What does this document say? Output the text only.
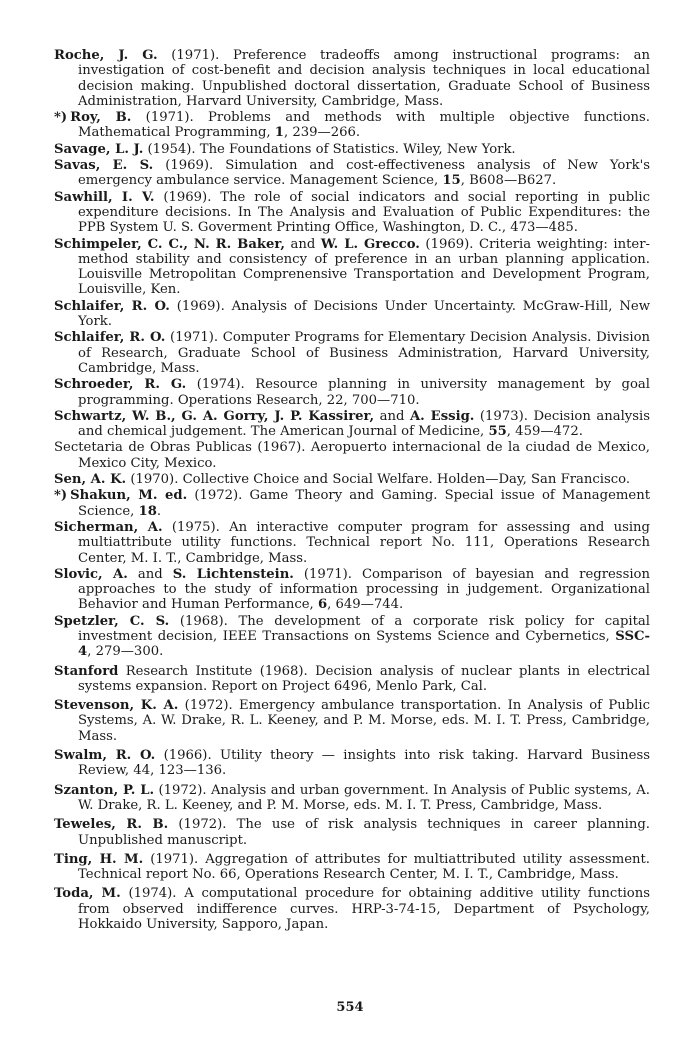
Roche, J. G. (1971). Preference tradeoffs among instructional programs: an investigation of cost-benefit and decision analysis techniques in local educational decision making. Unpublished doctoral dissertation, Graduate School of Business Administration, Harvard University, Cambridge, Mass.

*) Roy, B. (1971). Problems and methods with multiple objective functions. Mathematical Programming, 1, 239—266.

Savage, L. J. (1954). The Foundations of Statistics. Wiley, New York.

Savas, E. S. (1969). Simulation and cost-effectiveness analysis of New York's emergency ambulance service. Management Science, 15, B608—B627.

Sawhill, I. V. (1969). The role of social indicators and social reporting in public expenditure decisions. In The Analysis and Evaluation of Public Expenditures: the PPB System U. S. Goverment Printing Office, Washington, D. C., 473—485.

Schimpeler, C. C., N. R. Baker, and W. L. Grecco. (1969). Criteria weighting: inter-method stability and consistency of preference in an urban planning application. Louisville Metropolitan Comprenensive Transportation and Development Program, Louisville, Ken.

Schlaifer, R. O. (1969). Analysis of Decisions Under Uncertainty. McGraw-Hill, New York.

Schlaifer, R. O. (1971). Computer Programs for Elementary Decision Analysis. Division of Research, Graduate School of Business Administration, Harvard University, Cambridge, Mass.

Schroeder, R. G. (1974). Resource planning in university management by goal programming. Operations Research, 22, 700—710.

Schwartz, W. B., G. A. Gorry, J. P. Kassirer, and A. Essig. (1973). Decision analysis and chemical judgement. The American Journal of Medicine, 55, 459—472.

Sectetaria de Obras Publicas (1967). Aeropuerto internacional de la ciudad de Mexico, Mexico City, Mexico.

Sen, A. K. (1970). Collective Choice and Social Welfare. Holden—Day, San Francisco.

*) Shakun, M. ed. (1972). Game Theory and Gaming. Special issue of Management Science, 18.

Sicherman, A. (1975). An interactive computer program for assessing and using multiattribute utility functions. Technical report No. 111, Operations Research Center, M. I. T., Cambridge, Mass.

Slovic, A. and S. Lichtenstein. (1971). Comparison of bayesian and regression approaches to the study of information processing in judgement. Organizational Behavior and Human Performance, 6, 649—744.

Spetzler, C. S. (1968). The development of a corporate risk policy for capital investment decision, IEEE Transactions on Systems Science and Cybernetics, SSC-4, 279—300.

Stanford Research Institute (1968). Decision analysis of nuclear plants in electrical systems expansion. Report on Project 6496, Menlo Park, Cal.

Stevenson, K. A. (1972). Emergency ambulance transportation. In Analysis of Public Systems, A. W. Drake, R. L. Keeney, and P. M. Morse, eds. M. I. T. Press, Cambridge, Mass.

Swalm, R. O. (1966). Utility theory — insights into risk taking. Harvard Business Review, 44, 123—136.

Szanton, P. L. (1972). Analysis and urban government. In Analysis of Public systems, A. W. Drake, R. L. Keeney, and P. M. Morse, eds. M. I. T. Press, Cambridge, Mass.

Teweles, R. B. (1972). The use of risk analysis techniques in career planning. Unpublished manuscript.

Ting, H. M. (1971). Aggregation of attributes for multiattributed utility assessment. Technical report No. 66, Operations Research Center, M. I. T., Cambridge, Mass.

Toda, M. (1974). A computational procedure for obtaining additive utility functions from observed indifference curves. HRP-3-74-15, Department of Psychology, Hokkaido University, Sapporo, Japan.

554
